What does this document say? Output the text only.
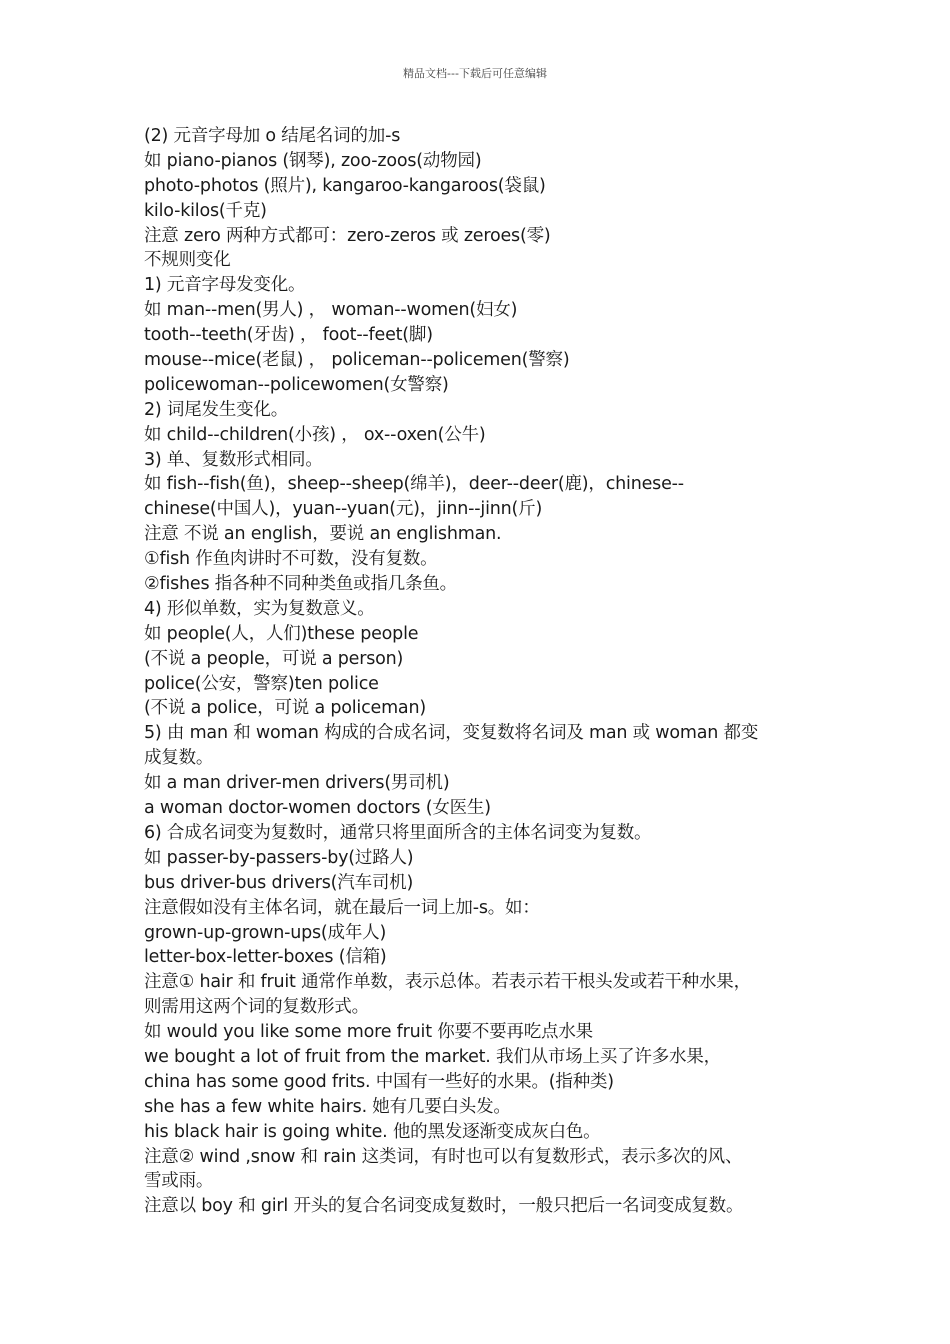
精品文档---下载后可任意编辑
(2) 元音字母加 o 结尾名词的加-s
如 piano-pianos (钢琴), zoo-zoos(动物园)
photo-photos (照片), kangaroo-kangaroos(袋鼠)
kilo-kilos(千克)
注意 zero 两种方式都可：zero-zeros 或 zeroes(零)
不规则变化
1) 元音字母发变化。
如 man--men(男人) ， woman--women(妇女)
tooth--teeth(牙齿) ， foot--feet(脚)
mouse--mice(老鼠) ， policeman--policemen(警察)
policewoman--policewomen(女警察)
2) 词尾发生变化。
如 child--children(小孩) ， ox--oxen(公牛)
3) 单、复数形式相同。
如 fish--fish(鱼)，sheep--sheep(绵羊)，deer--deer(鹿)，chinese--
chinese(中国人)，yuan--yuan(元)，jinn--jinn(斤)
注意 不说 an english，要说 an englishman.
①fish 作鱼肉讲时不可数，没有复数。
②fishes 指各种不同种类鱼或指几条鱼。
4) 形似单数，实为复数意义。
如 people(人，人们)these people
(不说 a people，可说 a person)
police(公安，警察)ten police
(不说 a police，可说 a policeman)
5) 由 man 和 woman 构成的合成名词，变复数将名词及 man 或 woman 都变
成复数。
如 a man driver-men drivers(男司机)
a woman doctor-women doctors (女医生)
6) 合成名词变为复数时，通常只将里面所含的主体名词变为复数。
如 passer-by-passers-by(过路人)
bus driver-bus drivers(汽车司机)
注意假如没有主体名词，就在最后一词上加-s。如：
grown-up-grown-ups(成年人)
letter-box-letter-boxes (信箱)
注意① hair 和 fruit 通常作单数，表示总体。若表示若干根头发或若干种水果，
则需用这两个词的复数形式。
如 would you like some more fruit 你要不要再吃点水果
we bought a lot of fruit from the market. 我们从市场上买了许多水果，
china has some good frits. 中国有一些好的水果。(指种类)
she has a few white hairs. 她有几要白头发。
his black hair is going white. 他的黑发逐渐变成灰白色。
注意② wind ,snow 和 rain 这类词，有时也可以有复数形式，表示多次的风、
雪或雨。
注意以 boy 和 girl 开头的复合名词变成复数时，一般只把后一名词变成复数。
